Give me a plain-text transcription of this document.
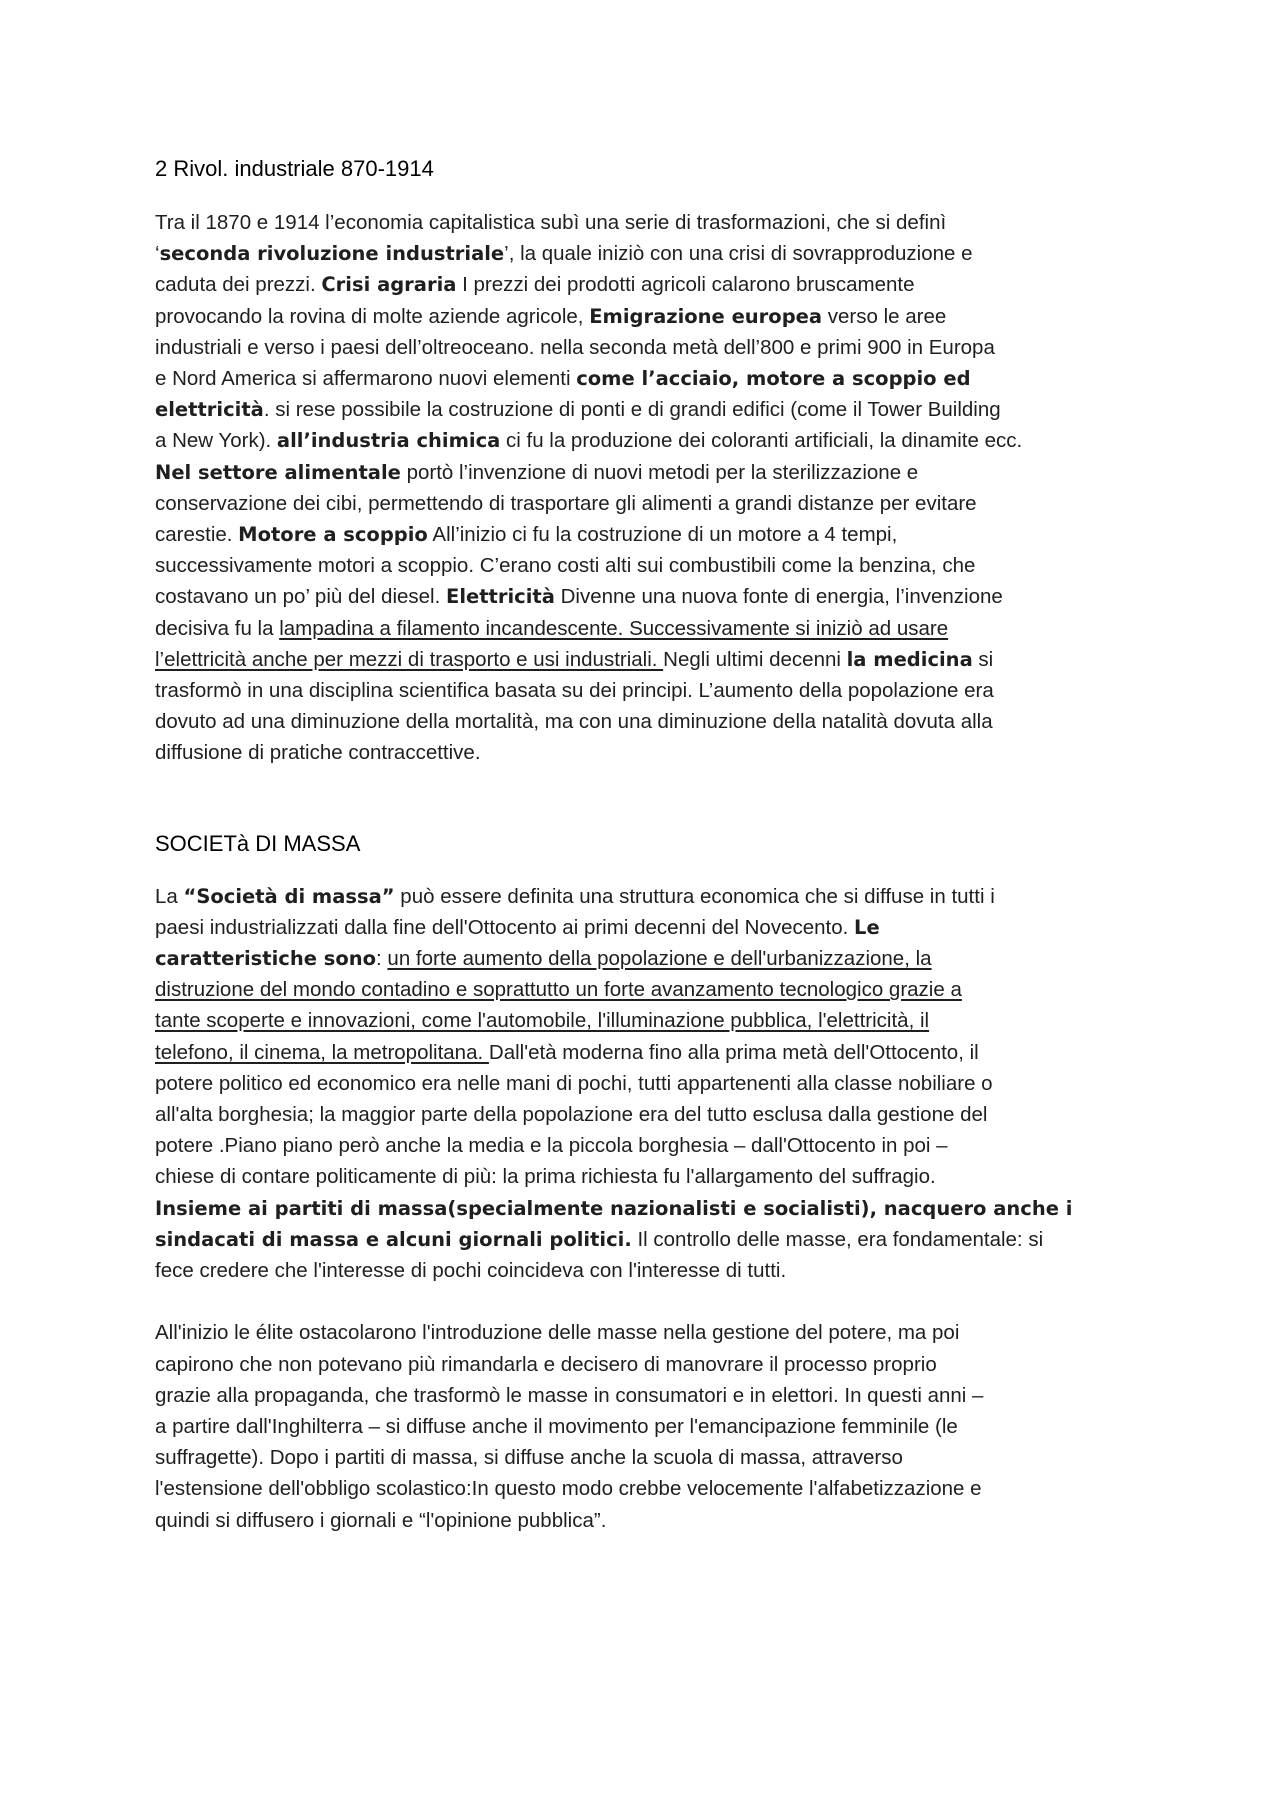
2 Rivol. industriale 870-1914

Tra il 1870 e 1914 l’economia capitalistica subì una serie di trasformazioni, che si definì
‘seconda rivoluzione industriale’, la quale iniziò con una crisi di sovrapproduzione e
caduta dei prezzi. Crisi agraria I prezzi dei prodotti agricoli calarono bruscamente
provocando la rovina di molte aziende agricole, Emigrazione europea verso le aree
industriali e verso i paesi dell’oltreoceano. nella seconda metà dell’800 e primi 900 in Europa
e Nord America si affermarono nuovi elementi come l’acciaio, motore a scoppio ed
elettricità. si rese possibile la costruzione di ponti e di grandi edifici (come il Tower Building
a New York). all’industria chimica ci fu la produzione dei coloranti artificiali, la dinamite ecc.
Nel settore alimentale portò l’invenzione di nuovi metodi per la sterilizzazione e
conservazione dei cibi, permettendo di trasportare gli alimenti a grandi distanze per evitare
carestie. Motore a scoppio All’inizio ci fu la costruzione di un motore a 4 tempi,
successivamente motori a scoppio. C’erano costi alti sui combustibili come la benzina, che
costavano un po’ più del diesel. Elettricità Divenne una nuova fonte di energia, l’invenzione
decisiva fu la lampadina a filamento incandescente. Successivamente si iniziò ad usare
l’elettricità anche per mezzi di trasporto e usi industriali. Negli ultimi decenni la medicina si
trasformò in una disciplina scientifica basata su dei principi. L’aumento della popolazione era
dovuto ad una diminuzione della mortalità, ma con una diminuzione della natalità dovuta alla
diffusione di pratiche contraccettive.

SOCIETà DI MASSA

La “Società di massa” può essere definita una struttura economica che si diffuse in tutti i
paesi industrializzati dalla fine dell'Ottocento ai primi decenni del Novecento. Le
caratteristiche sono: un forte aumento della popolazione e dell'urbanizzazione, la
distruzione del mondo contadino e soprattutto un forte avanzamento tecnologico grazie a
tante scoperte e innovazioni, come l'automobile, l'illuminazione pubblica, l'elettricità, il
telefono, il cinema, la metropolitana. Dall'età moderna fino alla prima metà dell'Ottocento, il
potere politico ed economico era nelle mani di pochi, tutti appartenenti alla classe nobiliare o
all'alta borghesia; la maggior parte della popolazione era del tutto esclusa dalla gestione del
potere .Piano piano però anche la media e la piccola borghesia – dall'Ottocento in poi –
chiese di contare politicamente di più: la prima richiesta fu l'allargamento del suffragio.
Insieme ai partiti di massa(specialmente nazionalisti e socialisti), nacquero anche i
sindacati di massa e alcuni giornali politici. Il controllo delle masse, era fondamentale: si
fece credere che l'interesse di pochi coincideva con l'interesse di tutti.

All'inizio le élite ostacolarono l'introduzione delle masse nella gestione del potere, ma poi
capirono che non potevano più rimandarla e decisero di manovrare il processo proprio
grazie alla propaganda, che trasformò le masse in consumatori e in elettori. In questi anni –
a partire dall'Inghilterra – si diffuse anche il movimento per l'emancipazione femminile (le
suffragette). Dopo i partiti di massa, si diffuse anche la scuola di massa, attraverso
l'estensione dell'obbligo scolastico:In questo modo crebbe velocemente l'alfabetizzazione e
quindi si diffusero i giornali e “l'opinione pubblica”.
